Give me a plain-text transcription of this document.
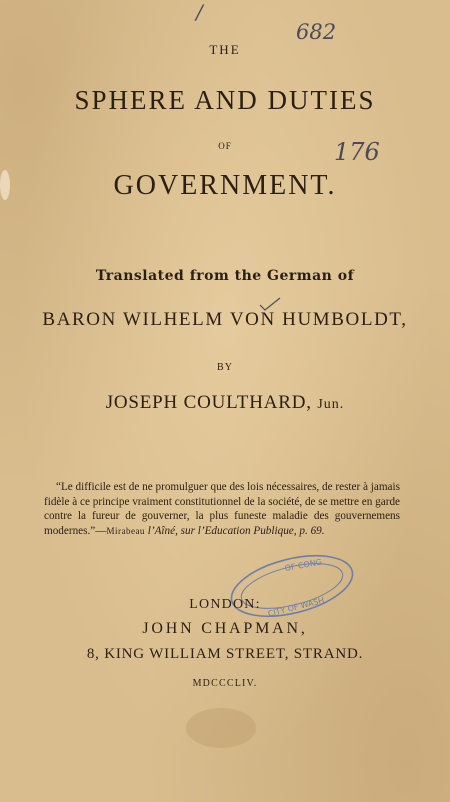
/
682
176
THE
SPHERE AND DUTIES
OF
GOVERNMENT.
Translated from the German of
BARON WILHELM VON HUMBOLDT,
BY
JOSEPH COULTHARD, Jun.
“Le difficile est de ne promulguer que des lois nécessaires, de rester à jamais fidèle à ce principe vraiment constitutionnel de la société, de se mettre en garde contre la fureur de gouverner, la plus funeste maladie des gouvernemens modernes.”—Mirabeau l’Aîné, sur l’Education Publique, p. 69.
OF CONG
CITY OF WASH
LONDON:
JOHN CHAPMAN,
8, KING WILLIAM STREET, STRAND.
MDCCCLIV.
